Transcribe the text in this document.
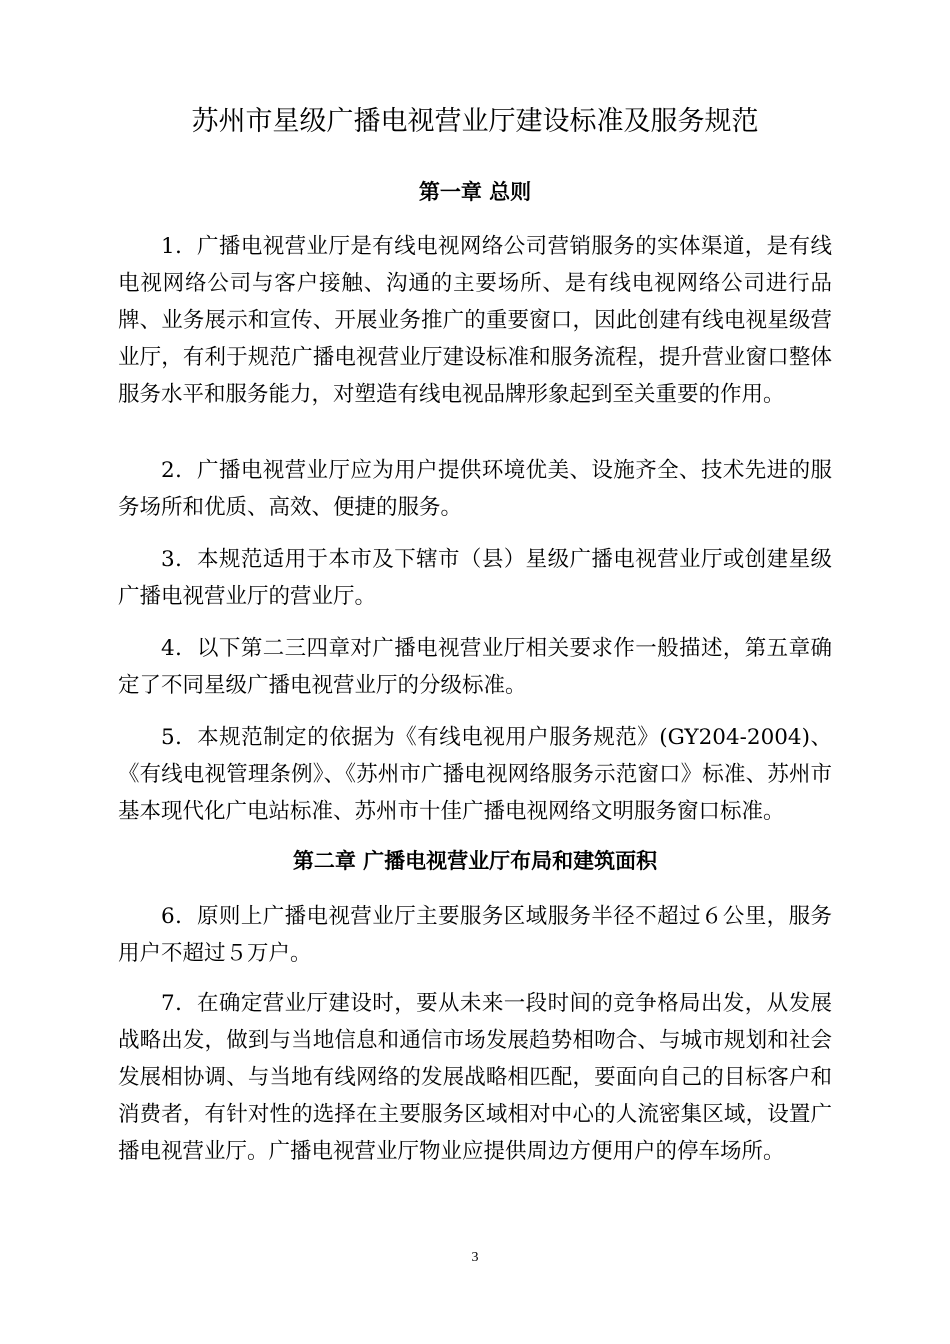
苏州市星级广播电视营业厅建设标准及服务规范
第一章 总则

1．广播电视营业厅是有线电视网络公司营销服务的实体渠道，是有线电视网络公司与客户接触、沟通的主要场所、是有线电视网络公司进行品牌、业务展示和宣传、开展业务推广的重要窗口，因此创建有线电视星级营业厅，有利于规范广播电视营业厅建设标准和服务流程，提升营业窗口整体服务水平和服务能力，对塑造有线电视品牌形象起到至关重要的作用。

2．广播电视营业厅应为用户提供环境优美、设施齐全、技术先进的服务场所和优质、高效、便捷的服务。

3．本规范适用于本市及下辖市（县）星级广播电视营业厅或创建星级广播电视营业厅的营业厅。

4．以下第二三四章对广播电视营业厅相关要求作一般描述，第五章确定了不同星级广播电视营业厅的分级标准。

5．本规范制定的依据为《有线电视用户服务规范》(GY204-2004)、《有线电视管理条例》、《苏州市广播电视网络服务示范窗口》标准、苏州市基本现代化广电站标准、苏州市十佳广播电视网络文明服务窗口标准。

第二章 广播电视营业厅布局和建筑面积

6．原则上广播电视营业厅主要服务区域服务半径不超过６公里，服务用户不超过５万户。

7．在确定营业厅建设时，要从未来一段时间的竞争格局出发，从发展战略出发，做到与当地信息和通信市场发展趋势相吻合、与城市规划和社会发展相协调、与当地有线网络的发展战略相匹配，要面向自己的目标客户和消费者，有针对性的选择在主要服务区域相对中心的人流密集区域，设置广播电视营业厅。广播电视营业厅物业应提供周边方便用户的停车场所。

3
